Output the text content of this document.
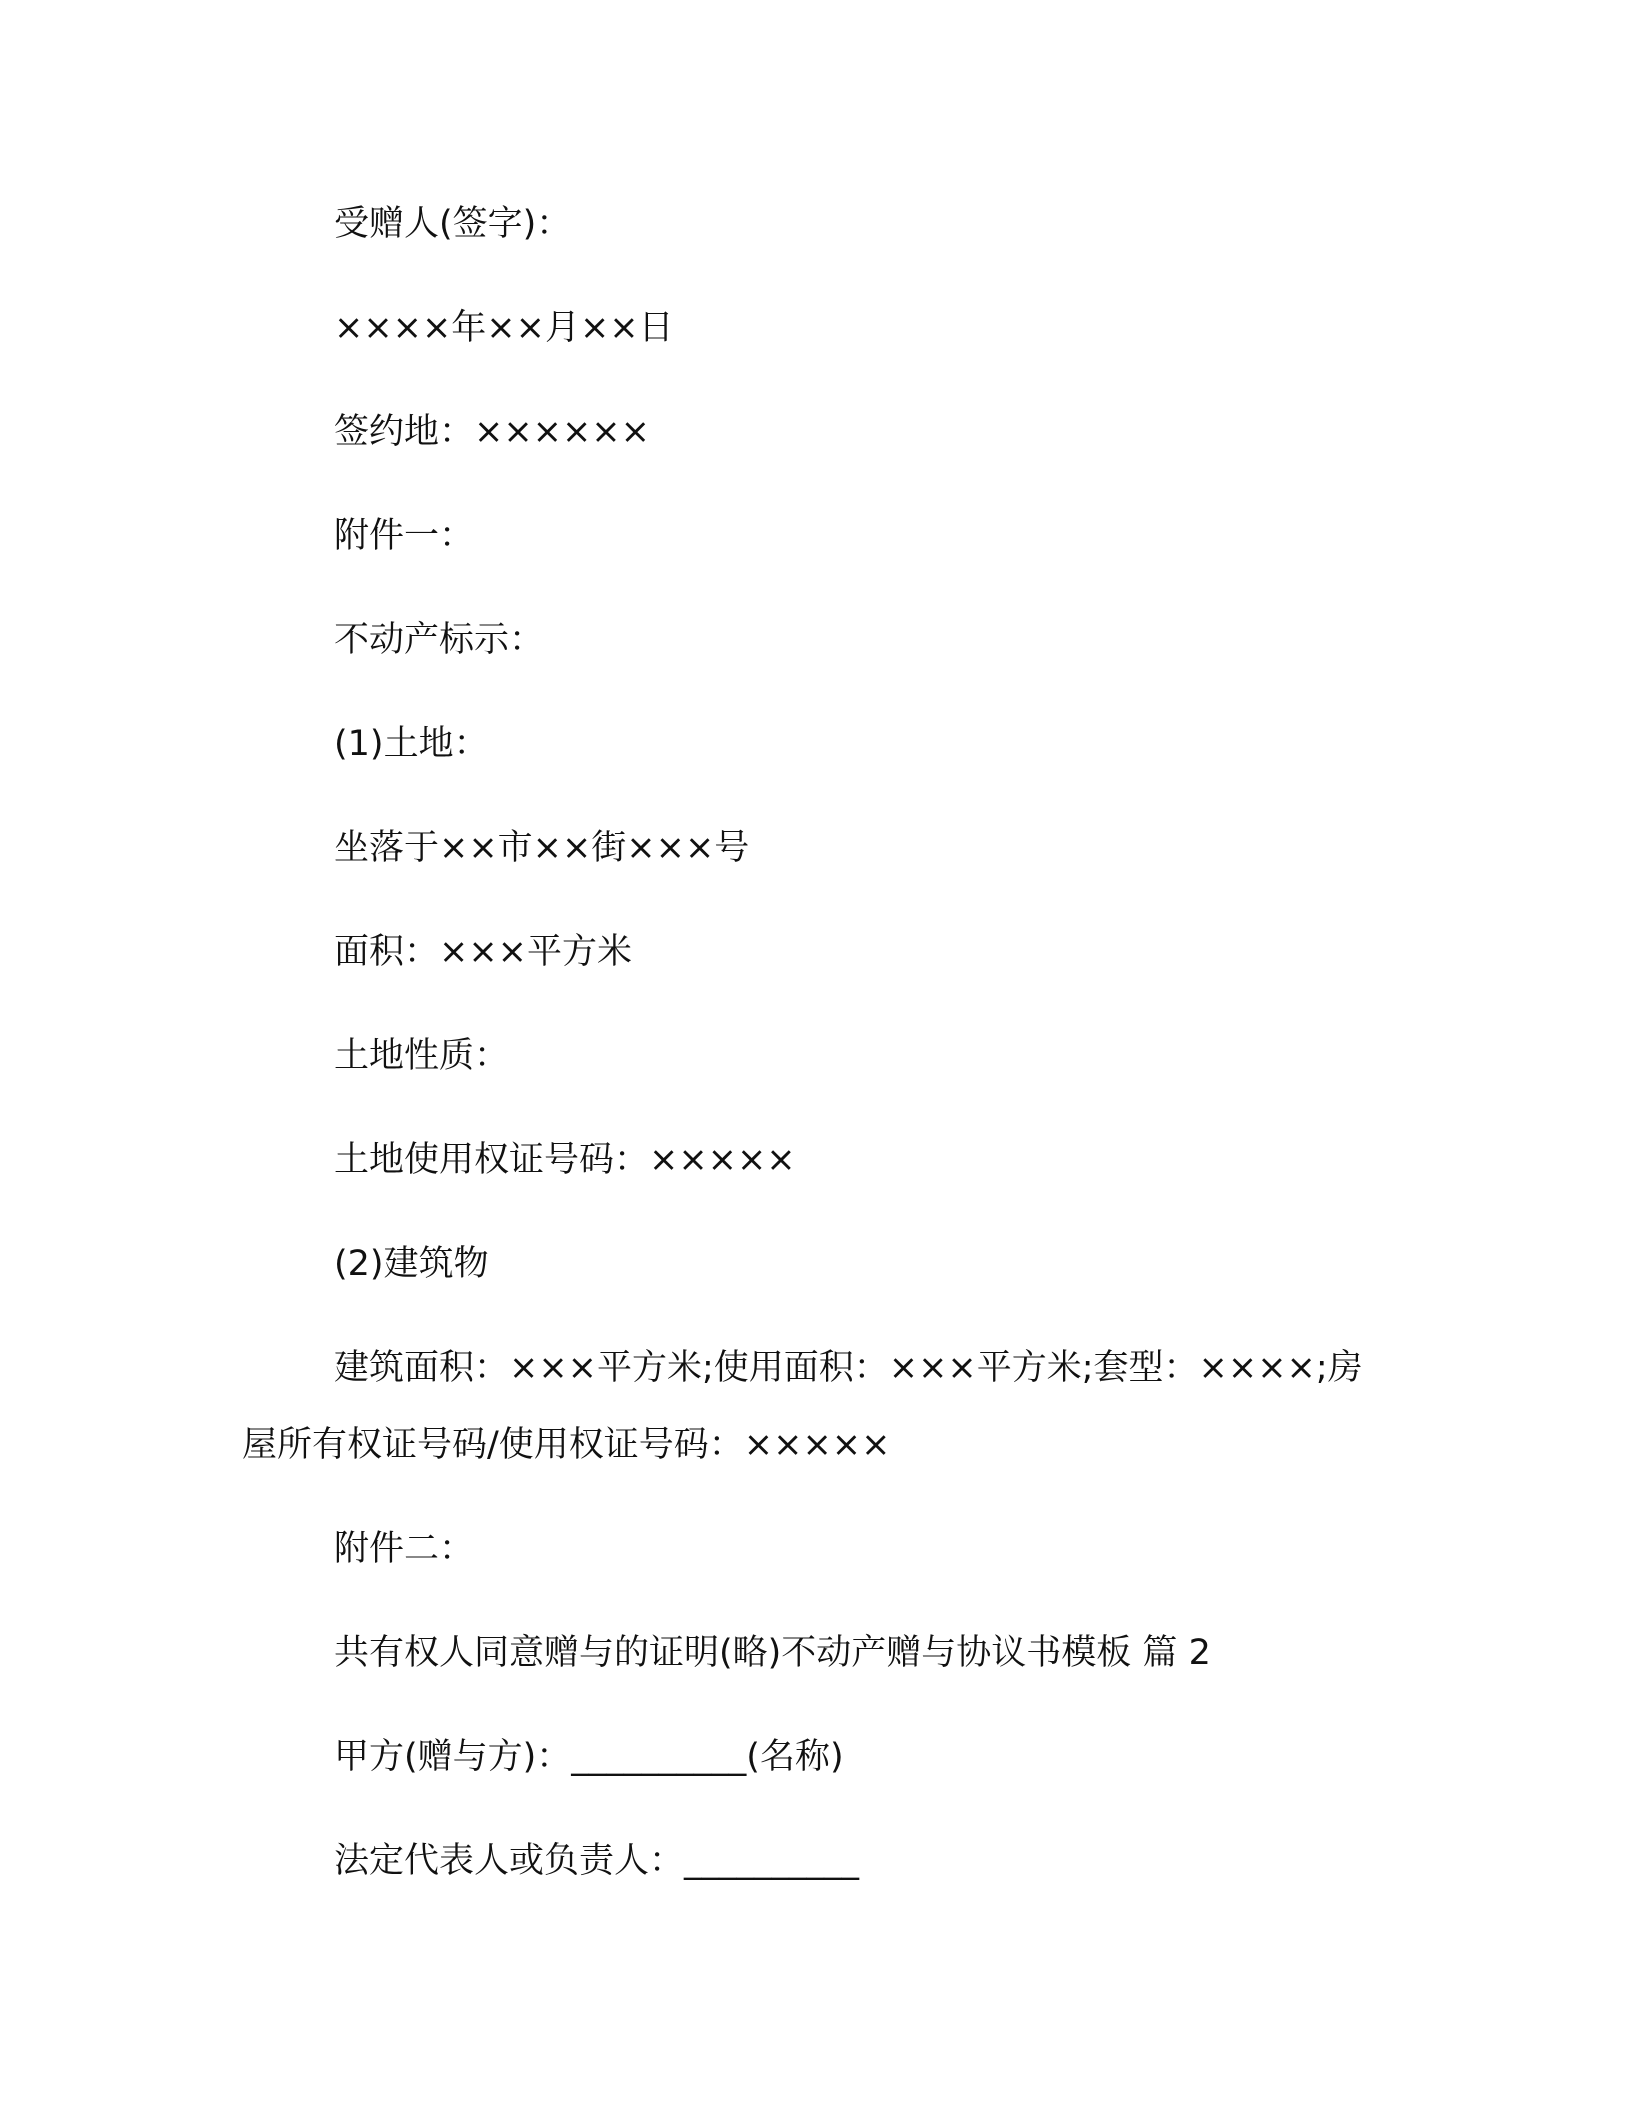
受赠人(签字)：

××××年××月××日

签约地：××××××

附件一：

不动产标示：

(1)土地：

坐落于××市××街×××号

面积：×××平方米

土地性质：

土地使用权证号码：×××××

(2)建筑物

建筑面积：×××平方米;使用面积：×××平方米;套型：××××;房屋所有权证号码/使用权证号码：×××××

附件二：

共有权人同意赠与的证明(略)不动产赠与协议书模板 篇 2

甲方(赠与方)：__________(名称)

法定代表人或负责人：__________
